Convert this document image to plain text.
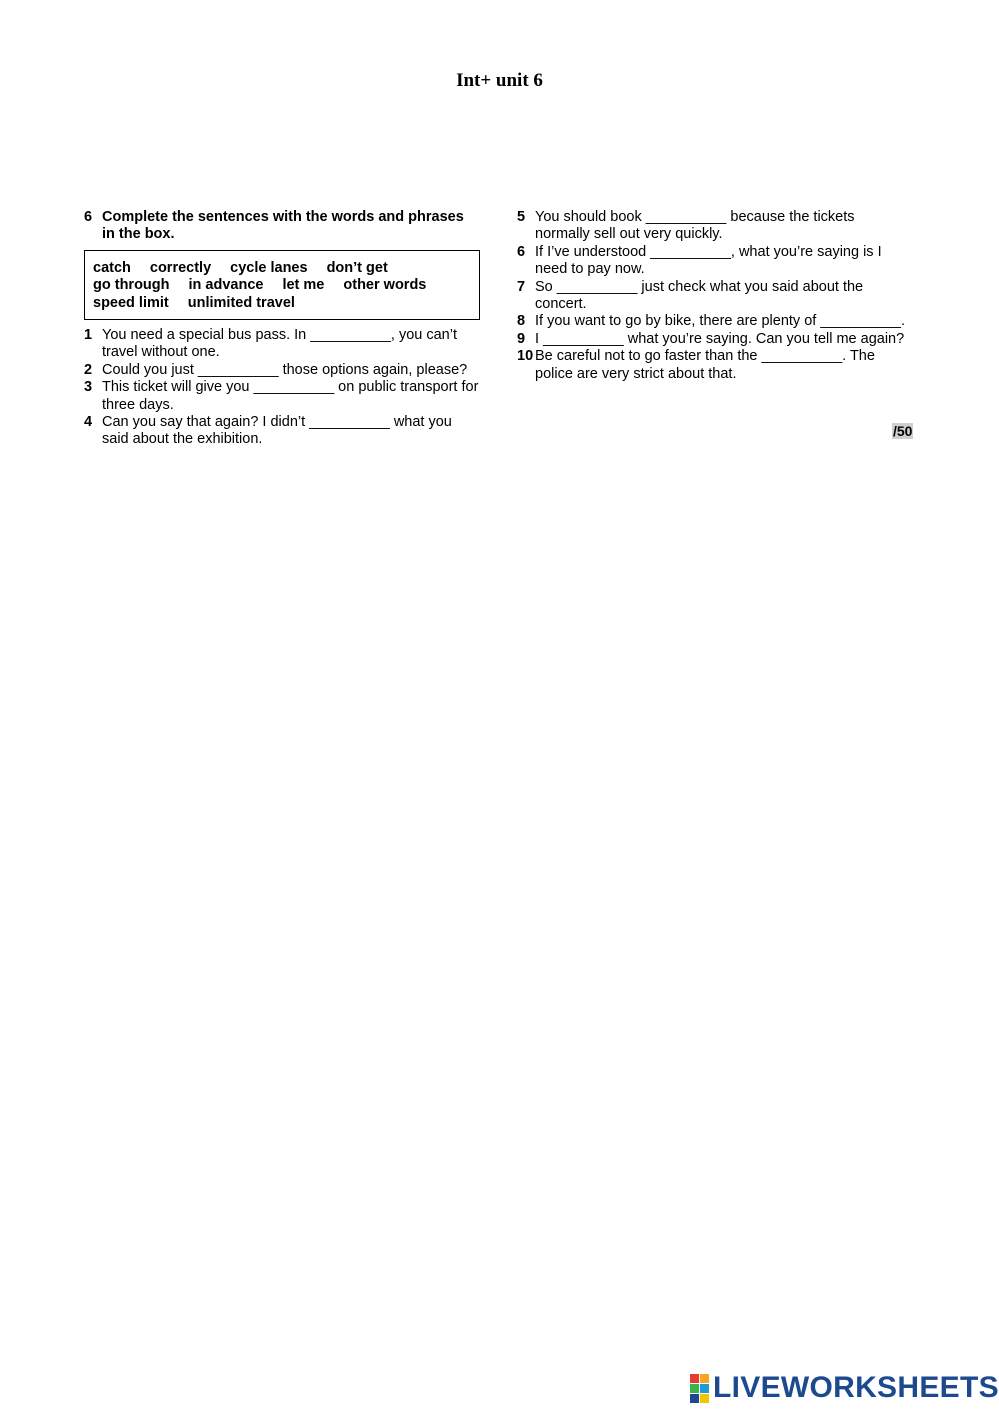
Int+ unit 6
6 Complete the sentences with the words and phrases in the box.
catch correctly cycle lanes don’t get
go through in advance let me other words
speed limit unlimited travel
1 You need a special bus pass. In __________, you can’t travel without one.
2 Could you just __________ those options again, please?
3 This ticket will give you __________ on public transport for three days.
4 Can you say that again? I didn’t __________ what you said about the exhibition.
5 You should book __________ because the tickets normally sell out very quickly.
6 If I’ve understood __________, what you’re saying is I need to pay now.
7 So __________ just check what you said about the concert.
8 If you want to go by bike, there are plenty of __________.
9 I __________ what you’re saying. Can you tell me again?
10 Be careful not to go faster than the __________. The police are very strict about that.
/50
LIVEWORKSHEETS
